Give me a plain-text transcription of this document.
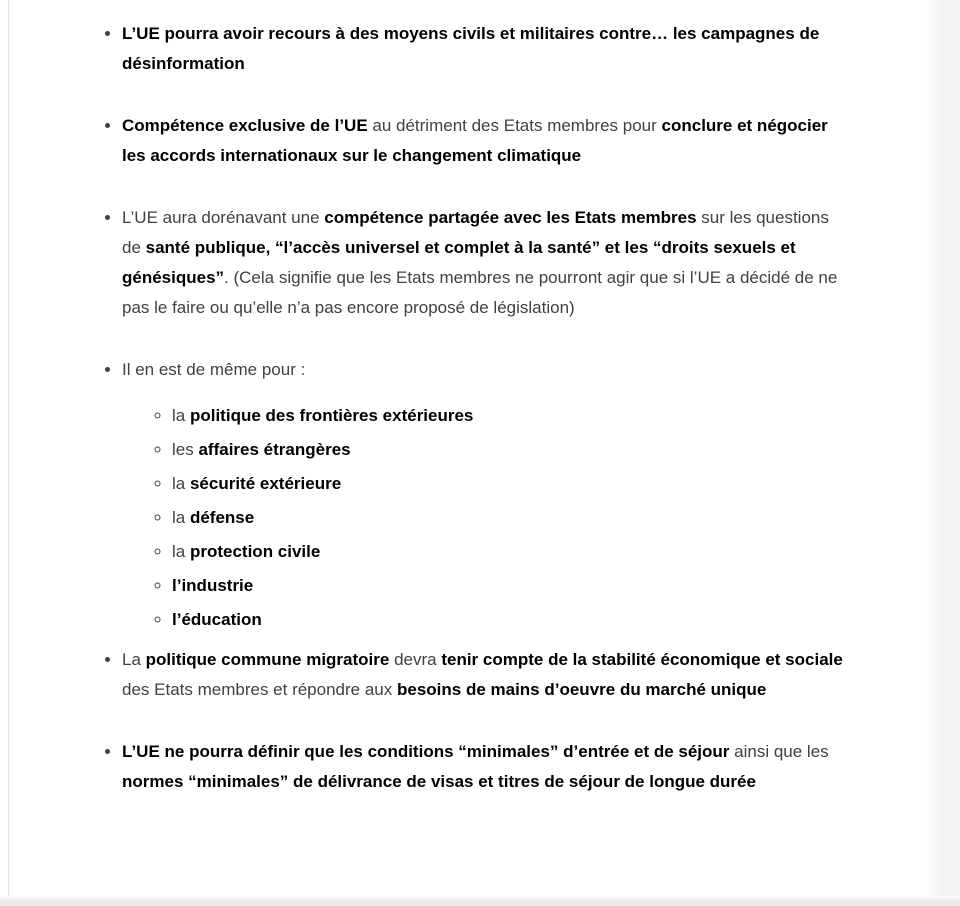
• L’UE pourra avoir recours à des moyens civils et militaires contre… les campagnes de désinformation
• Compétence exclusive de l’UE au détriment des Etats membres pour conclure et négocier les accords internationaux sur le changement climatique
• L’UE aura dorénavant une compétence partagée avec les Etats membres sur les questions de santé publique, “l’accès universel et complet à la santé” et les “droits sexuels et génésiques”. (Cela signifie que les Etats membres ne pourront agir que si l’UE a décidé de ne pas le faire ou qu’elle n’a pas encore proposé de législation)
• Il en est de même pour :
◦ la politique des frontières extérieures
◦ les affaires étrangères
◦ la sécurité extérieure
◦ la défense
◦ la protection civile
◦ l’industrie
◦ l’éducation
• La politique commune migratoire devra tenir compte de la stabilité économique et sociale des Etats membres et répondre aux besoins de mains d’oeuvre du marché unique
• L’UE ne pourra définir que les conditions “minimales” d’entrée et de séjour ainsi que les normes “minimales” de délivrance de visas et titres de séjour de longue durée
